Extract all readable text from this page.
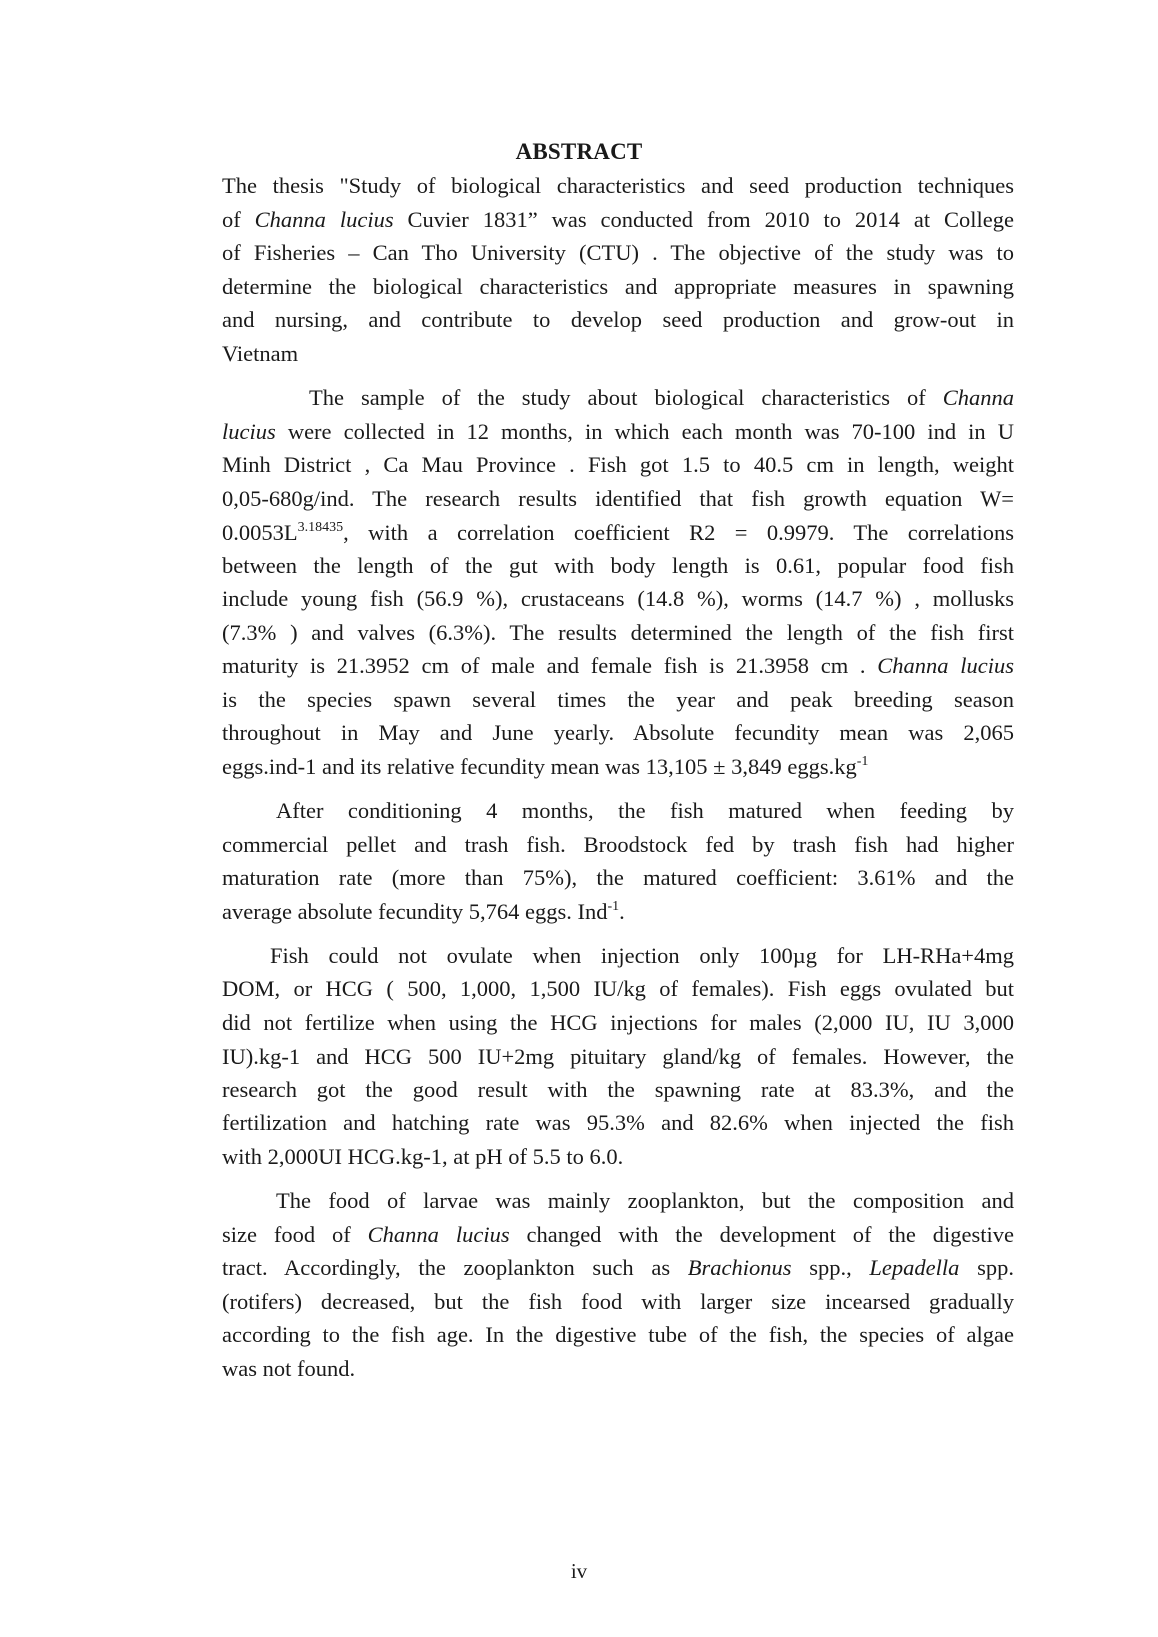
ABSTRACT
The thesis "Study of biological characteristics and seed production techniques
of Channa lucius Cuvier 1831” was conducted from 2010 to 2014 at College
of Fisheries – Can Tho University (CTU) . The objective of the study was to
determine the biological characteristics and appropriate measures in spawning
and nursing, and contribute to develop seed production and grow-out in
Vietnam
The sample of the study about biological characteristics of Channa
lucius were collected in 12 months, in which each month was 70-100 ind in U
Minh District , Ca Mau Province . Fish got 1.5 to 40.5 cm in length, weight
0,05-680g/ind. The research results identified that fish growth equation W=
$0.0053L^{3.18435}$, with a correlation coefficient R2 = 0.9979. The correlations
between the length of the gut with body length is 0.61, popular food fish
include young fish (56.9 %), crustaceans (14.8 %), worms (14.7 %) , mollusks
(7.3% ) and valves (6.3%). The results determined the length of the fish first
maturity is 21.3952 cm of male and female fish is 21.3958 cm . Channa lucius
is the species spawn several times the year and peak breeding season
throughout in May and June yearly. Absolute fecundity mean was 2,065
eggs.ind-1 and its relative fecundity mean was 13,105 ± 3,849 $eggs.kg^{-1}$
After conditioning 4 months, the fish matured when feeding by
commercial pellet and trash fish. Broodstock fed by trash fish had higher
maturation rate (more than 75%), the matured coefficient: 3.61% and the
average absolute fecundity 5,764 eggs. Ind$^{-1}$.
Fish could not ovulate when injection only 100µg for LH-RHa+4mg
DOM, or HCG ( 500, 1,000, 1,500 IU/kg of females). Fish eggs ovulated but
did not fertilize when using the HCG injections for males (2,000 IU, IU 3,000
IU).kg-1 and HCG 500 IU+2mg pituitary gland/kg of females. However, the
research got the good result with the spawning rate at 83.3%, and the
fertilization and hatching rate was 95.3% and 82.6% when injected the fish
with 2,000UI HCG.kg-1, at pH of 5.5 to 6.0.
The food of larvae was mainly zooplankton, but the composition and
size food of Channa lucius changed with the development of the digestive
tract. Accordingly, the zooplankton such as Brachionus spp., Lepadella spp.
(rotifers) decreased, but the fish food with larger size incearsed gradually
according to the fish age. In the digestive tube of the fish, the species of algae
was not found.
iv
